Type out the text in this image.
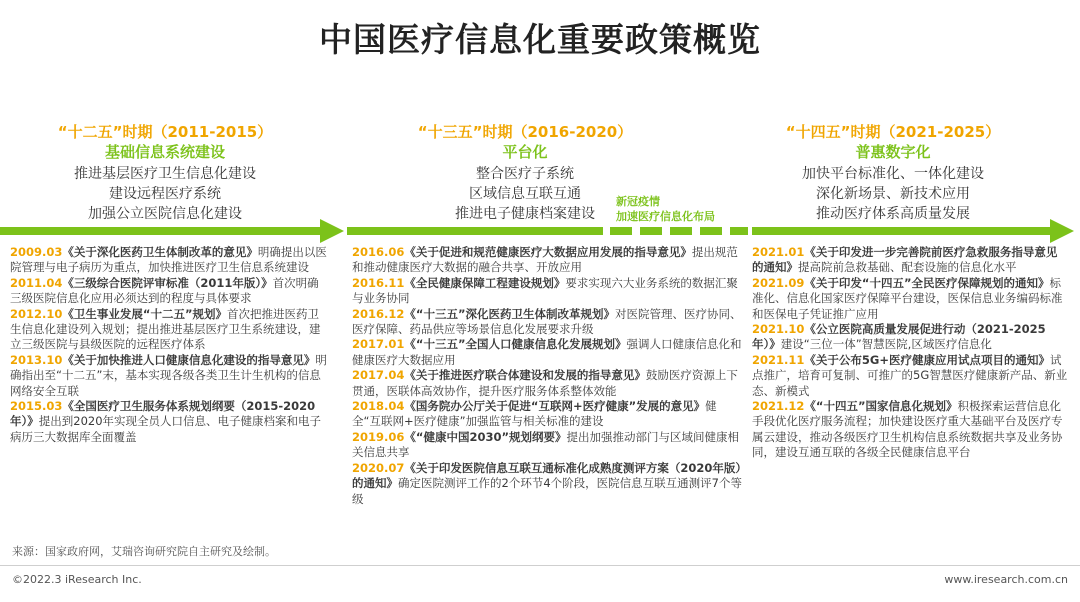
中国医疗信息化重要政策概览
“十二五”时期（2011-2015）
基础信息系统建设
推进基层医疗卫生信息化建设
建设远程医疗系统
加强公立医院信息化建设
“十三五”时期（2016-2020）
平台化
整合医疗子系统
区域信息互联互通
推进电子健康档案建设
“十四五”时期（2021-2025）
普惠数字化
加快平台标准化、一体化建设
深化新场景、新技术应用
推动医疗体系高质量发展
新冠疫情
加速医疗信息化布局

2009.03《关于深化医药卫生体制改革的意见》明确提出以医院管理与电子病历为重点，加快推进医疗卫生信息系统建设

2011.04《三级综合医院评审标准（2011年版）》首次明确三级医院信息化应用必须达到的程度与具体要求

2012.10《卫生事业发展“十二五”规划》首次把推进医药卫生信息化建设列入规划；提出推进基层医疗卫生系统建设，建立三级医院与县级医院的远程医疗体系

2013.10《关于加快推进人口健康信息化建设的指导意见》明确指出至“十二五”末，基本实现各级各类卫生计生机构的信息网络安全互联

2015.03《全国医疗卫生服务体系规划纲要（2015-2020年）》提出到2020年实现全员人口信息、电子健康档案和电子病历三大数据库全面覆盖

2016.06《关于促进和规范健康医疗大数据应用发展的指导意见》提出规范和推动健康医疗大数据的融合共享、开放应用

2016.11《全民健康保障工程建设规划》要求实现六大业务系统的数据汇聚与业务协同

2016.12《“十三五”深化医药卫生体制改革规划》对医院管理、医疗协同、医疗保障、药品供应等场景信息化发展要求升级

2017.01《“十三五”全国人口健康信息化发展规划》强调人口健康信息化和健康医疗大数据应用

2017.04《关于推进医疗联合体建设和发展的指导意见》鼓励医疗资源上下贯通，医联体高效协作，提升医疗服务体系整体效能

2018.04《国务院办公厅关于促进“互联网+医疗健康”发展的意见》健全“互联网+医疗健康”加强监管与相关标准的建设

2019.06《“健康中国2030”规划纲要》提出加强推动部门与区域间健康相关信息共享

2020.07《关于印发医院信息互联互通标准化成熟度测评方案（2020年版）的通知》确定医院测评工作的2个环节4个阶段，医院信息互联互通测评7个等级

2021.01《关于印发进一步完善院前医疗急救服务指导意见的通知》提高院前急救基础、配套设施的信息化水平

2021.09《关于印发“十四五”全民医疗保障规划的通知》标准化、信息化国家医疗保障平台建设，医保信息业务编码标准和医保电子凭证推广应用

2021.10《公立医院高质量发展促进行动（2021-2025年）》建设“三位一体”智慧医院,区域医疗信息化

2021.11《关于公布5G+医疗健康应用试点项目的通知》试点推广，培育可复制、可推广的5G智慧医疗健康新产品、新业态、新模式

2021.12《“十四五”国家信息化规划》积极探索运营信息化手段优化医疗服务流程；加快建设医疗重大基础平台及医疗专属云建设，推动各级医疗卫生机构信息系统数据共享及业务协同，建设互通互联的各级全民健康信息平台

来源：国家政府网，艾瑞咨询研究院自主研究及绘制。
©2022.3 iResearch Inc.	www.iresearch.com.cn
